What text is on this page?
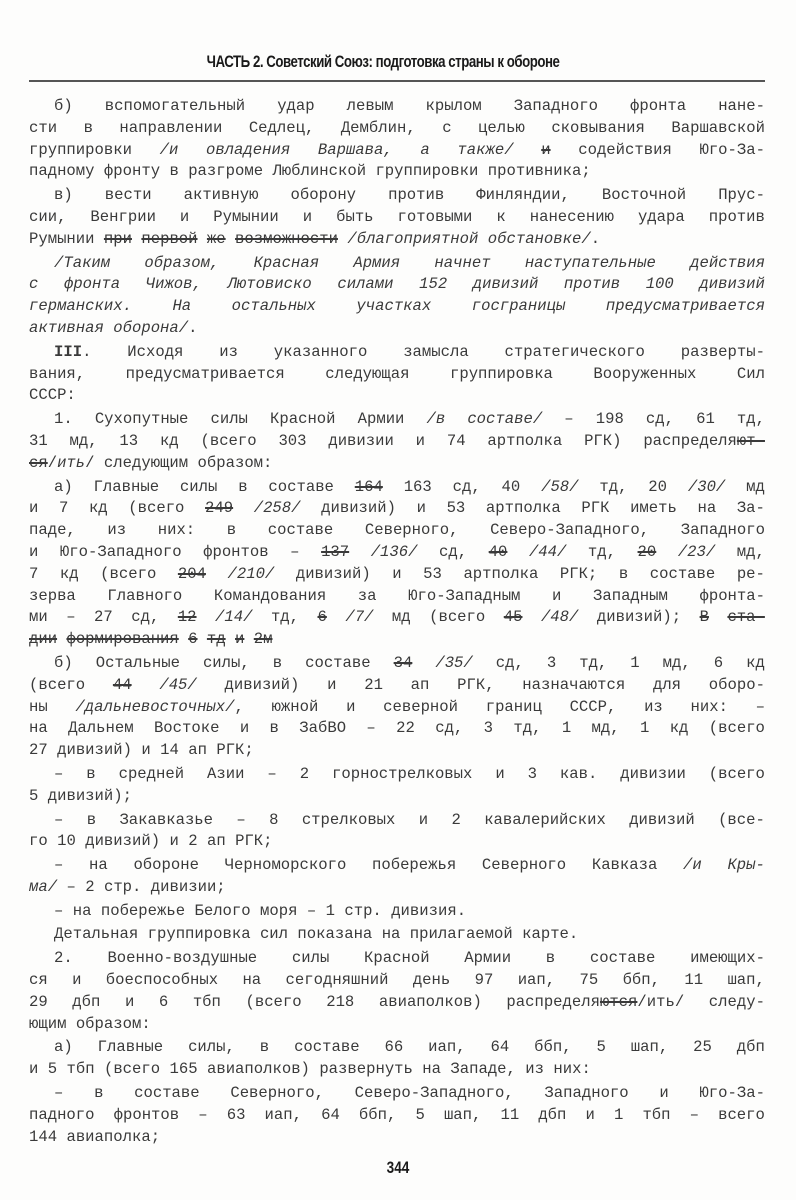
ЧАСТЬ 2. Советский Союз: подготовка страны к обороне
б) вспомогательный удар левым крылом Западного фронта нане-
сти в направлении Седлец, Демблин, с целью сковывания Варшавской
группировки /и овладения Варшава, а также/ и содействия Юго-За-
падному фронту в разгроме Люблинской группировки противника;
в) вести активную оборону против Финляндии, Восточной Прус-
сии, Венгрии и Румынии и быть готовыми к нанесению удара против
Румынии при первой же возможности /благоприятной обстановке/.
/Таким образом, Красная Армия начнет наступательные действия
с фронта Чижов, Лютовиско силами 152 дивизий против 100 дивизий
германских.	На	остальных	участках	госграницы	предусматривается
активная оборона/.
III. Исходя из указанного замысла стратегического разверты-
вания,	предусматривается	следующая	группировка	Вооруженных	Сил
СССР:
1. Сухопутные силы Красной Армии /в составе/ – 198 сд, 61 тд,
31 мд, 13 кд (всего 303 дивизии и 74 артполка РГК) распределяют-
ся/ить/ следующим образом:
а) Главные силы в составе 164 163 сд, 40 /58/ тд, 20 /30/ мд
и 7 кд (всего 249 /258/ дивизий) и 53 артполка РГК иметь на За-
паде, из них: в составе Северного, Северо-Западного, Западного
и Юго-Западного фронтов – 137 /136/ сд, 40 /44/ тд, 20 /23/ мд,
7 кд (всего 204 /210/ дивизий) и 53 артполка РГК; в составе ре-
зерва Главного Командования за Юго-Западным и Западным фронта-
ми – 27 сд, 12 /14/ тд, 6 /7/ мд (всего 45 /48/ дивизий); В ста-
дии формирования 6 тд и 2м
б) Остальные силы, в составе 34 /35/ сд, 3 тд, 1 мд, 6 кд
(всего 44 /45/ дивизий) и 21 ап РГК, назначаются для оборо-
ны /дальневосточных/, южной и северной границ СССР, из них: –
на Дальнем Востоке и в ЗабВО – 22 сд, 3 тд, 1 мд, 1 кд (всего
27 дивизий) и 14 ап РГК;
– в средней Азии – 2 горнострелковых и 3 кав. дивизии (всего
5 дивизий);
– в Закавказье – 8 стрелковых и 2 кавалерийских дивизий (все-
го 10 дивизий) и 2 ап РГК;
– на обороне Черноморского побережья Северного Кавказа /и Кры-
ма/ – 2 стр. дивизии;
– на побережье Белого моря – 1 стр. дивизия.
Детальная группировка сил показана на прилагаемой карте.
2. Военно-воздушные силы Красной Армии в составе имеющих-
ся и боеспособных на сегодняшний день 97 иап, 75 ббп, 11 шап,
29 дбп и 6 тбп (всего 218 авиаполков) распределяются/ить/ следу-
ющим образом:
а) Главные силы, в составе 66 иап, 64 ббп, 5 шап, 25 дбп
и 5 тбп (всего 165 авиаполков) развернуть на Западе, из них:
– в составе Северного, Северо-Западного, Западного и Юго-За-
падного фронтов – 63 иап, 64 ббп, 5 шап, 11 дбп и 1 тбп – всего
144 авиаполка;
344
